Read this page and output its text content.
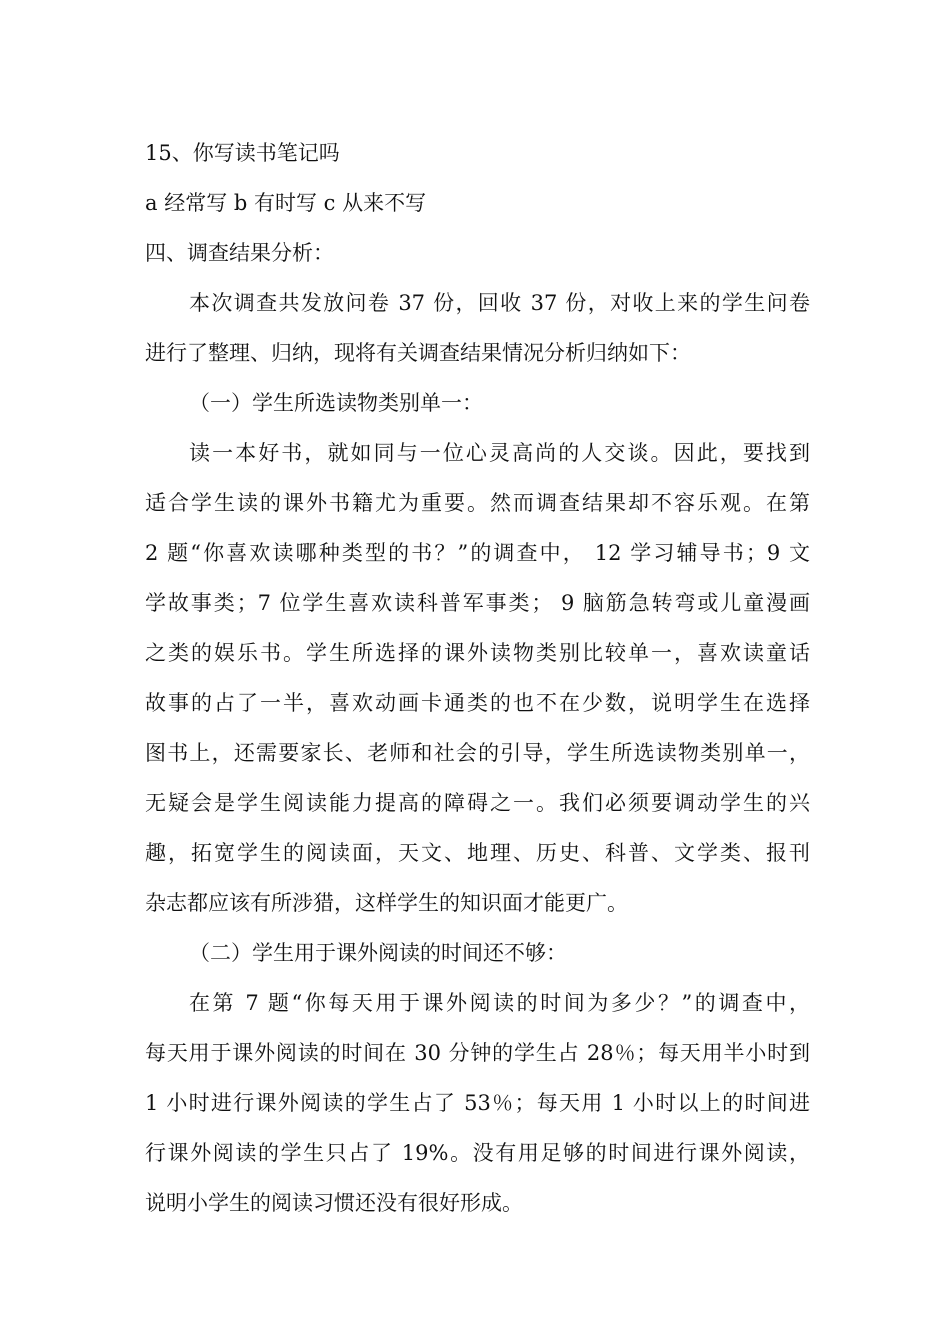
15、你写读书笔记吗
a 经常写 b 有时写 c 从来不写
四、调查结果分析：
本次调查共发放问卷 37 份，回收 37 份，对收上来的学生问卷
进行了整理、归纳，现将有关调查结果情况分析归纳如下：
（一）学生所选读物类别单一：
读一本好书，就如同与一位心灵高尚的人交谈。因此，要找到
适合学生读的课外书籍尤为重要。然而调查结果却不容乐观。在第
2 题“你喜欢读哪种类型的书？”的调查中， 12 学习辅导书；9 文
学故事类；7 位学生喜欢读科普军事类； 9 脑筋急转弯或儿童漫画
之类的娱乐书。学生所选择的课外读物类别比较单一，喜欢读童话
故事的占了一半，喜欢动画卡通类的也不在少数，说明学生在选择
图书上，还需要家长、老师和社会的引导，学生所选读物类别单一，
无疑会是学生阅读能力提高的障碍之一。我们必须要调动学生的兴
趣，拓宽学生的阅读面，天文、地理、历史、科普、文学类、报刊
杂志都应该有所涉猎，这样学生的知识面才能更广。
（二）学生用于课外阅读的时间还不够：
在第 7 题“你每天用于课外阅读的时间为多少？”的调查中，
每天用于课外阅读的时间在 30 分钟的学生占 28％；每天用半小时到
1 小时进行课外阅读的学生占了 53％；每天用 1 小时以上的时间进
行课外阅读的学生只占了 19%。没有用足够的时间进行课外阅读，
说明小学生的阅读习惯还没有很好形成。
